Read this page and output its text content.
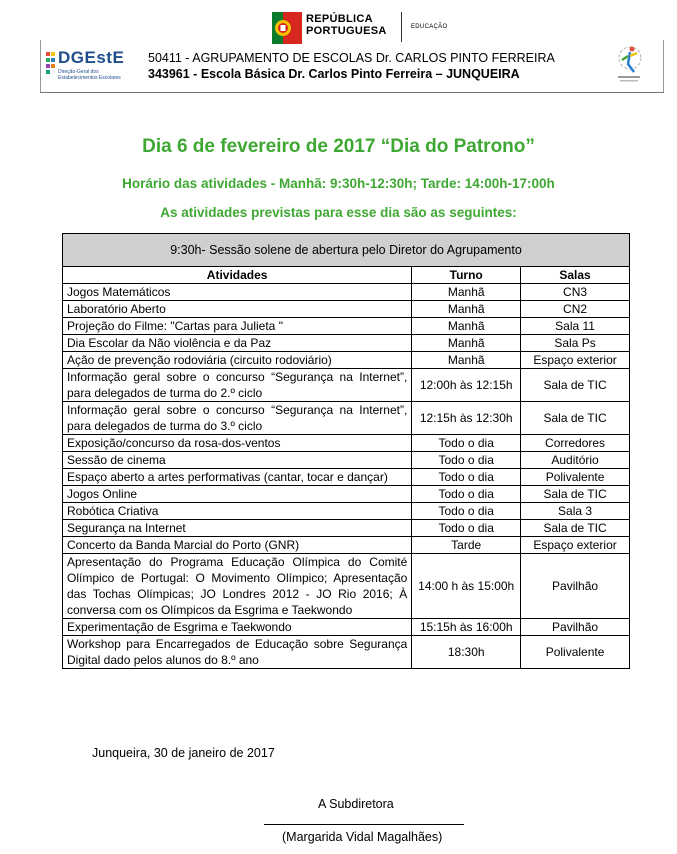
REPÚBLICA
PORTUGUESA	EDUCAÇÃO
DGEstE
Direção-Geral dos Estabelecimentos Escolares
50411 - AGRUPAMENTO DE ESCOLAS Dr. CARLOS PINTO FERREIRA
343961 - Escola Básica Dr. Carlos Pinto Ferreira – JUNQUEIRA
Dia 6 de fevereiro de 2017 “Dia do Patrono”
Horário das atividades - Manhã: 9:30h-12:30h; Tarde: 14:00h-17:00h
As atividades previstas para esse dia são as seguintes:
9:30h- Sessão solene de abertura pelo Diretor do Agrupamento		
Atividades	Turno	Salas
Jogos Matemáticos	Manhã	CN3
Laboratório Aberto	Manhã	CN2
Projeção do Filme: "Cartas para Julieta "	Manhã	Sala 11
Dia Escolar da Não violência e da Paz	Manhã	Sala Ps
Ação de prevenção rodoviária (circuito rodoviário)	Manhã	Espaço exterior
Informação geral sobre o concurso “Segurança na Internet”, para delegados de turma do 2.º ciclo	12:00h às 12:15h	Sala de TIC
Informação geral sobre o concurso “Segurança na Internet”, para delegados de turma do 3.º ciclo	12:15h às 12:30h	Sala de TIC
Exposição/concurso da rosa-dos-ventos	Todo o dia	Corredores
Sessão de cinema	Todo o dia	Auditório
Espaço aberto a artes performativas (cantar, tocar e dançar)	Todo o dia	Polivalente
Jogos Online	Todo o dia	Sala de TIC
Robótica Criativa	Todo o dia	Sala 3
Segurança na Internet	Todo o dia	Sala de TIC
Concerto da Banda Marcial do Porto (GNR)	Tarde	Espaço exterior
Apresentação do Programa Educação Olímpica do Comité Olímpico de Portugal: O Movimento Olímpico; Apresentação das Tochas Olímpicas; JO Londres 2012 - JO Rio 2016; À conversa com os Olímpicos da Esgrima e Taekwondo	14:00 h às 15:00h	Pavilhão
Experimentação de Esgrima e Taekwondo	15:15h às 16:00h	Pavilhão
Workshop para Encarregados de Educação sobre Segurança Digital dado pelos alunos do 8.º ano	18:30h	Polivalente
Junqueira, 30 de janeiro de 2017
A Subdiretora
(Margarida Vidal Magalhães)
